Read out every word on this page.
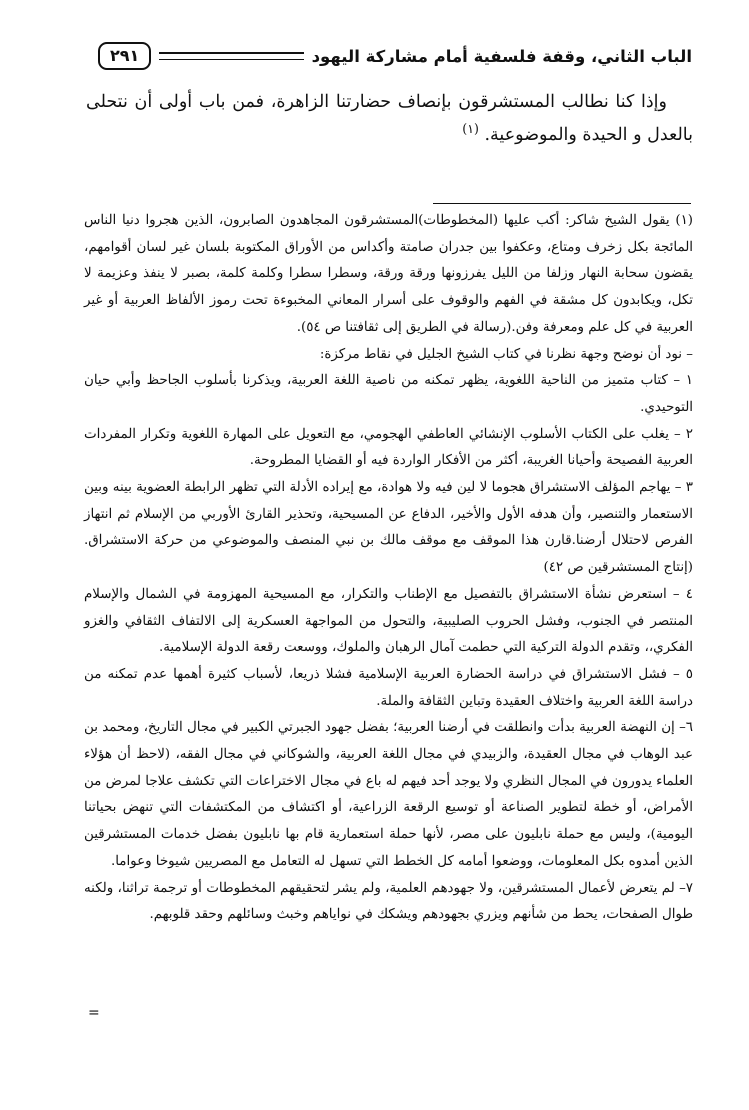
الباب الثاني، وقفة فلسفية أمام مشاركة اليهود
٢٩١

وإذا كنا نطالب المستشرقون بإنصاف حضارتنا الزاهرة، فمن باب أولى أن نتحلى بالعدل و الحيدة والموضوعية. $^{(١)}$

(١) يقول الشيخ شاكر: أكب عليها (المخطوطات)المستشرقون المجاهدون الصابرون، الذين هجروا دنيا الناس المائجة بكل زخرف ومتاع، وعكفوا بين جدران صامتة وأكداس من الأوراق المكتوبة بلسان غير لسان أقوامهم، يقضون سحابة النهار وزلفا من الليل يفرزونها ورقة ورقة، وسطرا سطرا وكلمة كلمة، بصبر لا ينفذ وعزيمة لا تكل، ويكابدون كل مشقة في الفهم والوقوف على أسرار المعاني المخبوءة تحت رموز الألفاظ العربية أو غير العربية في كل علم ومعرفة وفن.(رسالة في الطريق إلى ثقافتنا ص ٥٤).

– نود أن نوضح وجهة نظرنا في كتاب الشيخ الجليل في نقاط مركزة:

١ – كتاب متميز من الناحية اللغوية، يظهر تمكنه من ناصية اللغة العربية، ويذكرنا بأسلوب الجاحظ وأبي حيان التوحيدي.

٢ – يغلب على الكتاب الأسلوب الإنشائي العاطفي الهجومي، مع التعويل على المهارة اللغوية وتكرار المفردات العربية الفصيحة وأحيانا الغريبة، أكثر من الأفكار الواردة فيه أو القضايا المطروحة.

٣ – يهاجم المؤلف الاستشراق هجوما لا لين فيه ولا هوادة، مع إيراده الأدلة التي تظهر الرابطة العضوية بينه وبين الاستعمار والتنصير، وأن هدفه الأول والأخير، الدفاع عن المسيحية، وتحذير القارئ الأوربي من الإسلام ثم انتهاز الفرص لاحتلال أرضنا.قارن هذا الموقف مع موقف مالك بن نبي المنصف والموضوعي من حركة الاستشراق.(إنتاج المستشرقين ص ٤٢)

٤ – استعرض نشأة الاستشراق بالتفصيل مع الإطناب والتكرار، مع المسيحية المهزومة في الشمال والإسلام المنتصر في الجنوب، وفشل الحروب الصليبية، والتحول من المواجهة العسكرية إلى الالتفاف الثقافي والغزو الفكري،، وتقدم الدولة التركية التي حطمت آمال الرهبان والملوك، ووسعت رقعة الدولة الإسلامية.

٥ – فشل الاستشراق في دراسة الحضارة العربية الإسلامية فشلا ذريعا، لأسباب كثيرة أهمها عدم تمكنه من دراسة اللغة العربية واختلاف العقيدة وتباين الثقافة والملة.

٦– إن النهضة العربية بدأت وانطلقت في أرضنا العربية؛ بفضل جهود الجبرتي الكبير في مجال التاريخ، ومحمد بن عبد الوهاب في مجال العقيدة، والزبيدي في مجال اللغة العربية، والشوكاني في مجال الفقه، (لاحظ أن هؤلاء العلماء يدورون في المجال النظري ولا يوجد أحد فيهم له باع في مجال الاختراعات التي تكشف علاجا لمرض من الأمراض، أو خطة لتطوير الصناعة أو توسيع الرقعة الزراعية، أو اكتشاف من المكتشفات التي تنهض بحياتنا اليومية)، وليس مع حملة نابليون على مصر، لأنها حملة استعمارية قام بها نابليون بفضل خدمات المستشرقين الذين أمدوه بكل المعلومات، ووضعوا أمامه كل الخطط التي تسهل له التعامل مع المصريين شيوخا وعواما.

٧– لم يتعرض لأعمال المستشرقين، ولا جهودهم العلمية، ولم يشر لتحقيقهم المخطوطات أو ترجمة تراثنا، ولكنه طوال الصفحات، يحط من شأنهم ويزري بجهودهم ويشكك في نواياهم وخبث وسائلهم وحقد قلوبهم.

=
